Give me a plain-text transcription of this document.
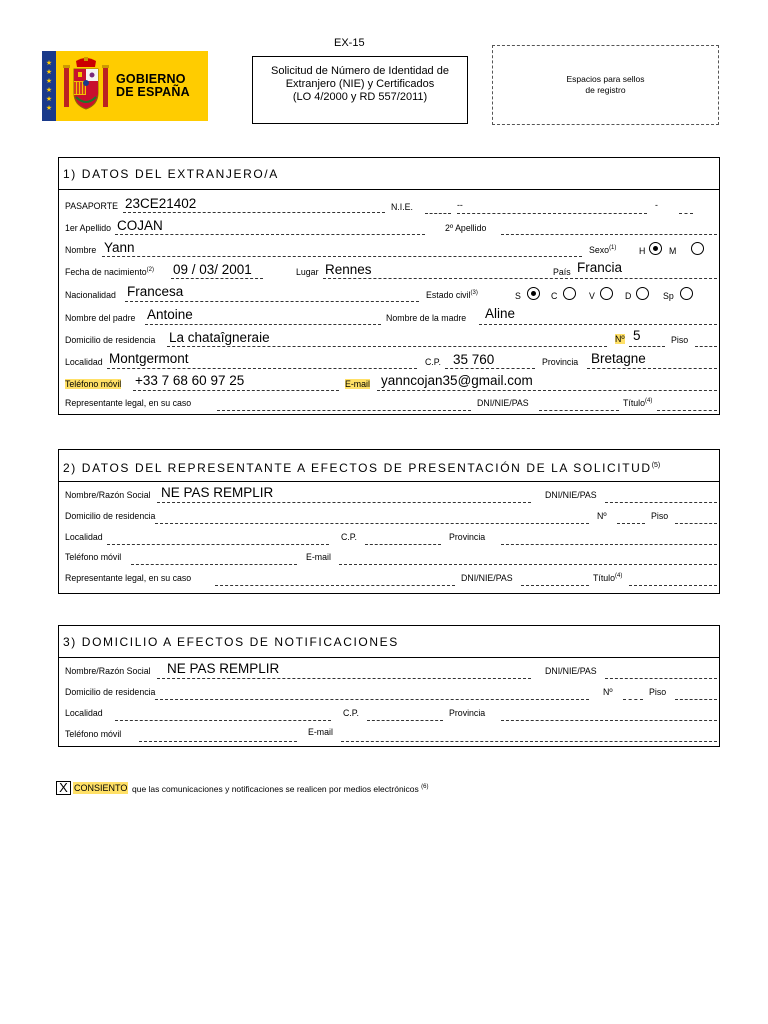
EX-15
★
★
★
★
★
★
GOBIERNO
DE ESPAÑA
Solicitud de Número de Identidad de
Extranjero (NIE) y Certificados
(LO 4/2000 y RD 557/2011)
Espacios para sellos
de registro
1) DATOS DEL EXTRANJERO/A
PASAPORTE 23CE21402	N.I.E.	--	-
1er Apellido COJAN	2º Apellido
Nombre Yann	Sexo$^{(1)}$	H	M
Fecha de nacimiento$^{(2)}$ 09 / 03/ 2001	Lugar Rennes	País Francia
Nacionalidad Francesa	Estado civil$^{(3)}$	S	C	V	D	Sp
Nombre del padre Antoine	Nombre de la madre Aline
Domicilio de residencia La chataîgneraie	Nº 5	Piso
Localidad Montgermont	C.P. 35 760	Provincia Bretagne
Teléfono móvil +33 7 68 60 97 25	E-mail yanncojan35@gmail.com
Representante legal, en su caso	DNI/NIE/PAS	Título$^{(4)}$
2) DATOS DEL REPRESENTANTE A EFECTOS DE PRESENTACIÓN DE LA SOLICITUD$^{(5)}$
Nombre/Razón Social NE PAS REMPLIR	DNI/NIE/PAS
Domicilio de residencia	Nº	Piso
Localidad	C.P.	Provincia
Teléfono móvil	E-mail
Representante legal, en su caso	DNI/NIE/PAS	Título$^{(4)}$
3) DOMICILIO A EFECTOS DE NOTIFICACIONES
Nombre/Razón Social NE PAS REMPLIR	DNI/NIE/PAS
Domicilio de residencia	Nº	Piso
Localidad	C.P.	Provincia
Teléfono móvil	E-mail
X CONSIENTO que las comunicaciones y notificaciones se realicen por medios electrónicos $^{(6)}$
